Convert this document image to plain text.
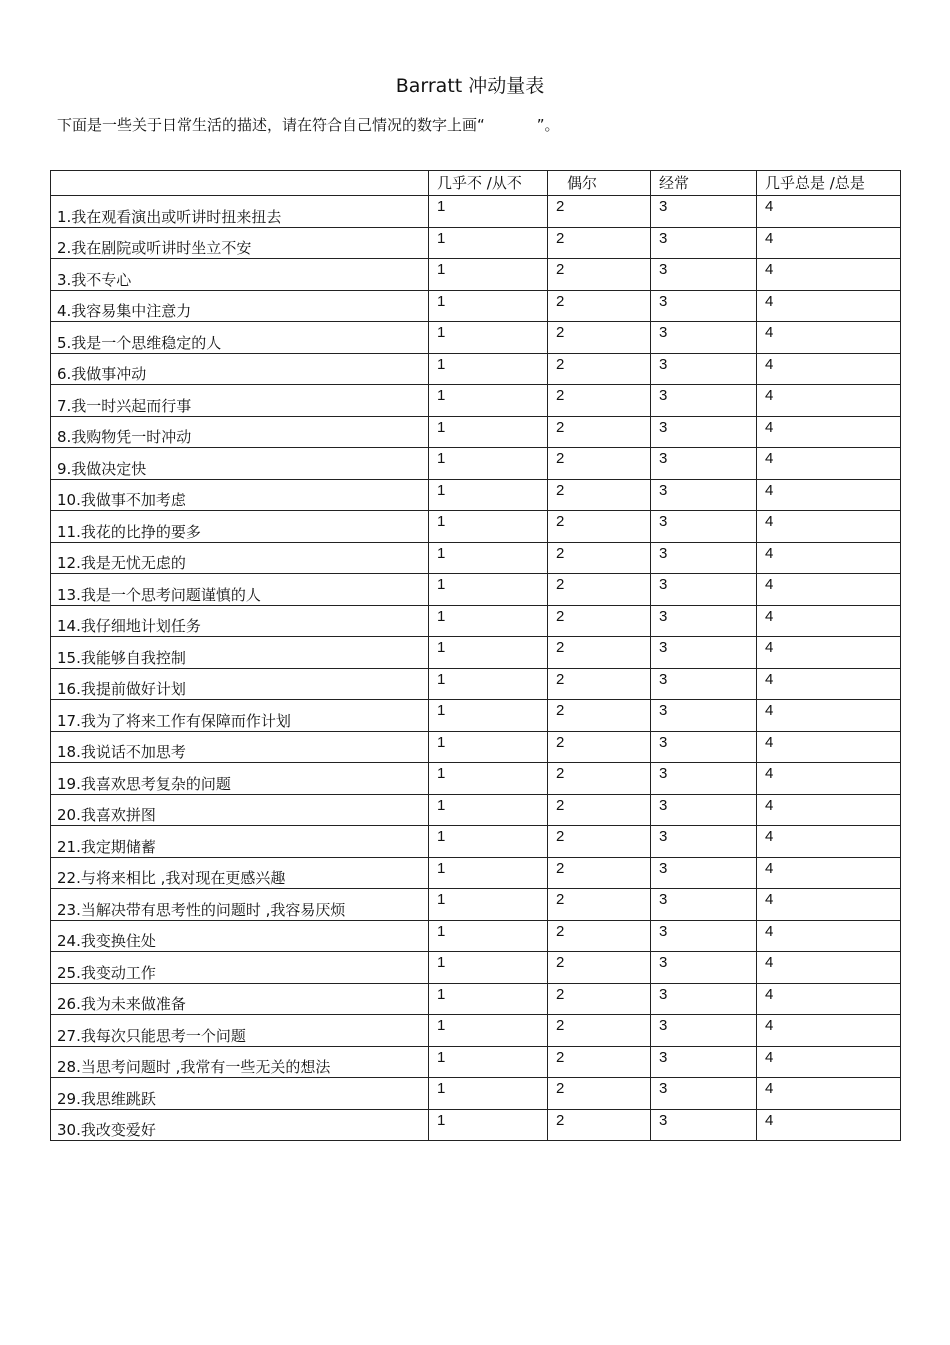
Barratt 冲动量表
下面是一些关于日常生活的描述，请在符合自己情况的数字上画“	”。
	几乎不 /从不	偶尔	经常	几乎总是 /总是
1.我在观看演出或听讲时扭来扭去	1	2	3	4
2.我在剧院或听讲时坐立不安	1	2	3	4
3.我不专心	1	2	3	4
4.我容易集中注意力	1	2	3	4
5.我是一个思维稳定的人	1	2	3	4
6.我做事冲动	1	2	3	4
7.我一时兴起而行事	1	2	3	4
8.我购物凭一时冲动	1	2	3	4
9.我做决定快	1	2	3	4
10.我做事不加考虑	1	2	3	4
11.我花的比挣的要多	1	2	3	4
12.我是无忧无虑的	1	2	3	4
13.我是一个思考问题谨慎的人	1	2	3	4
14.我仔细地计划任务	1	2	3	4
15.我能够自我控制	1	2	3	4
16.我提前做好计划	1	2	3	4
17.我为了将来工作有保障而作计划	1	2	3	4
18.我说话不加思考	1	2	3	4
19.我喜欢思考复杂的问题	1	2	3	4
20.我喜欢拼图	1	2	3	4
21.我定期储蓄	1	2	3	4
22.与将来相比 ,我对现在更感兴趣	1	2	3	4
23.当解决带有思考性的问题时 ,我容易厌烦	1	2	3	4
24.我变换住处	1	2	3	4
25.我变动工作	1	2	3	4
26.我为未来做准备	1	2	3	4
27.我每次只能思考一个问题	1	2	3	4
28.当思考问题时 ,我常有一些无关的想法	1	2	3	4
29.我思维跳跃	1	2	3	4
30.我改变爱好	1	2	3	4
